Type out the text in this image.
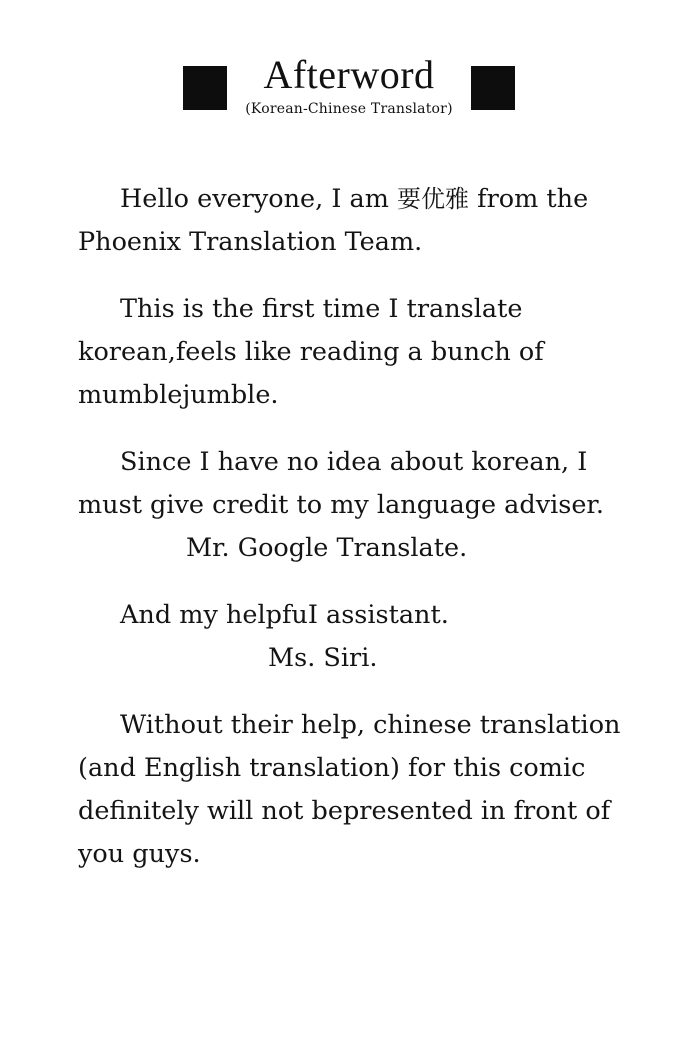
Afterword
(Korean-Chinese Translator)

Hello everyone, I am 要优雅 from the Phoenix Translation Team.

This is the first time I translate korean,feels like reading a bunch of mumblejumble.

Since I have no idea about korean, I must give credit to my language adviser.
Mr. Google Translate.

And my helpfuI assistant.
Ms. Siri.

Without their help, chinese translation (and English translation) for this comic definitely will not bepresented in front of you guys.
